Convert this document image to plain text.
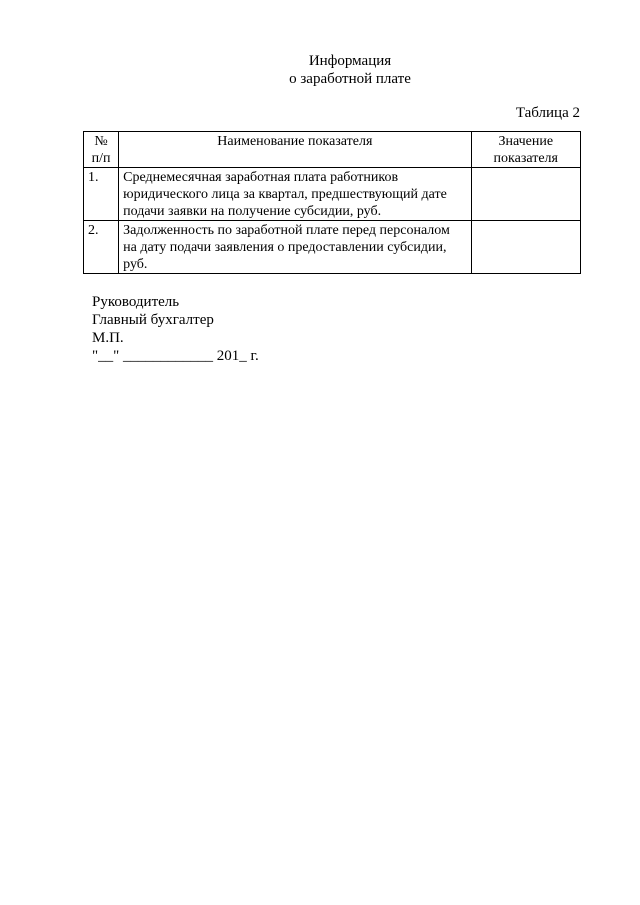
Информация
о заработной плате
Таблица 2
№ п/п	Наименование показателя	Значение показателя
1.	Среднемесячная заработная плата работников юридического лица за квартал, предшествующий дате подачи заявки на получение субсидии, руб.	
2.	Задолженность по заработной плате перед персоналом на дату подачи заявления о предоставлении субсидии, руб.	
Руководитель
Главный бухгалтер
М.П.
"__" ____________ 201_ г.
